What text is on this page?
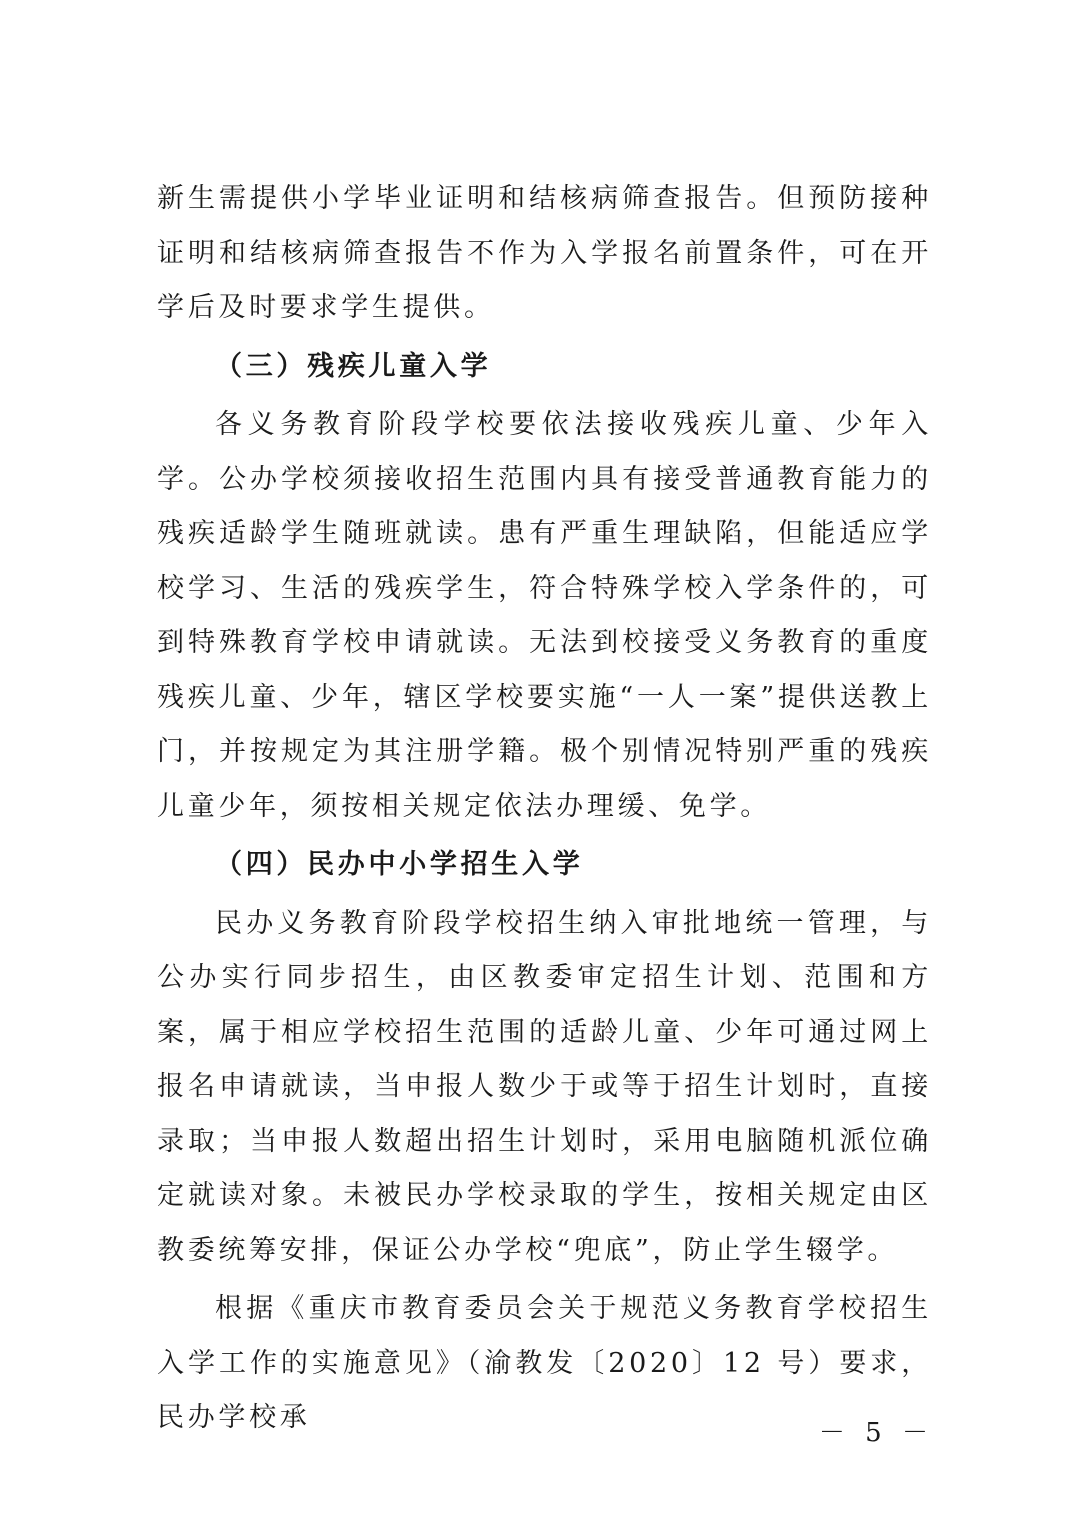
新生需提供小学毕业证明和结核病筛查报告。但预防接种证明和结核病筛查报告不作为入学报名前置条件，可在开学后及时要求学生提供。

（三）残疾儿童入学

各义务教育阶段学校要依法接收残疾儿童、少年入学。公办学校须接收招生范围内具有接受普通教育能力的残疾适龄学生随班就读。患有严重生理缺陷，但能适应学校学习、生活的残疾学生，符合特殊学校入学条件的，可到特殊教育学校申请就读。无法到校接受义务教育的重度残疾儿童、少年，辖区学校要实施“一人一案”提供送教上门，并按规定为其注册学籍。极个别情况特别严重的残疾儿童少年，须按相关规定依法办理缓、免学。

（四）民办中小学招生入学

民办义务教育阶段学校招生纳入审批地统一管理，与公办实行同步招生，由区教委审定招生计划、范围和方案，属于相应学校招生范围的适龄儿童、少年可通过网上报名申请就读，当申报人数少于或等于招生计划时，直接录取；当申报人数超出招生计划时，采用电脑随机派位确定就读对象。未被民办学校录取的学生，按相关规定由区教委统筹安排，保证公办学校“兜底”，防止学生辍学。

根据《重庆市教育委员会关于规范义务教育学校招生入学工作的实施意见》（渝教发〔2020〕12 号）要求，民办学校承	－ 5 －
